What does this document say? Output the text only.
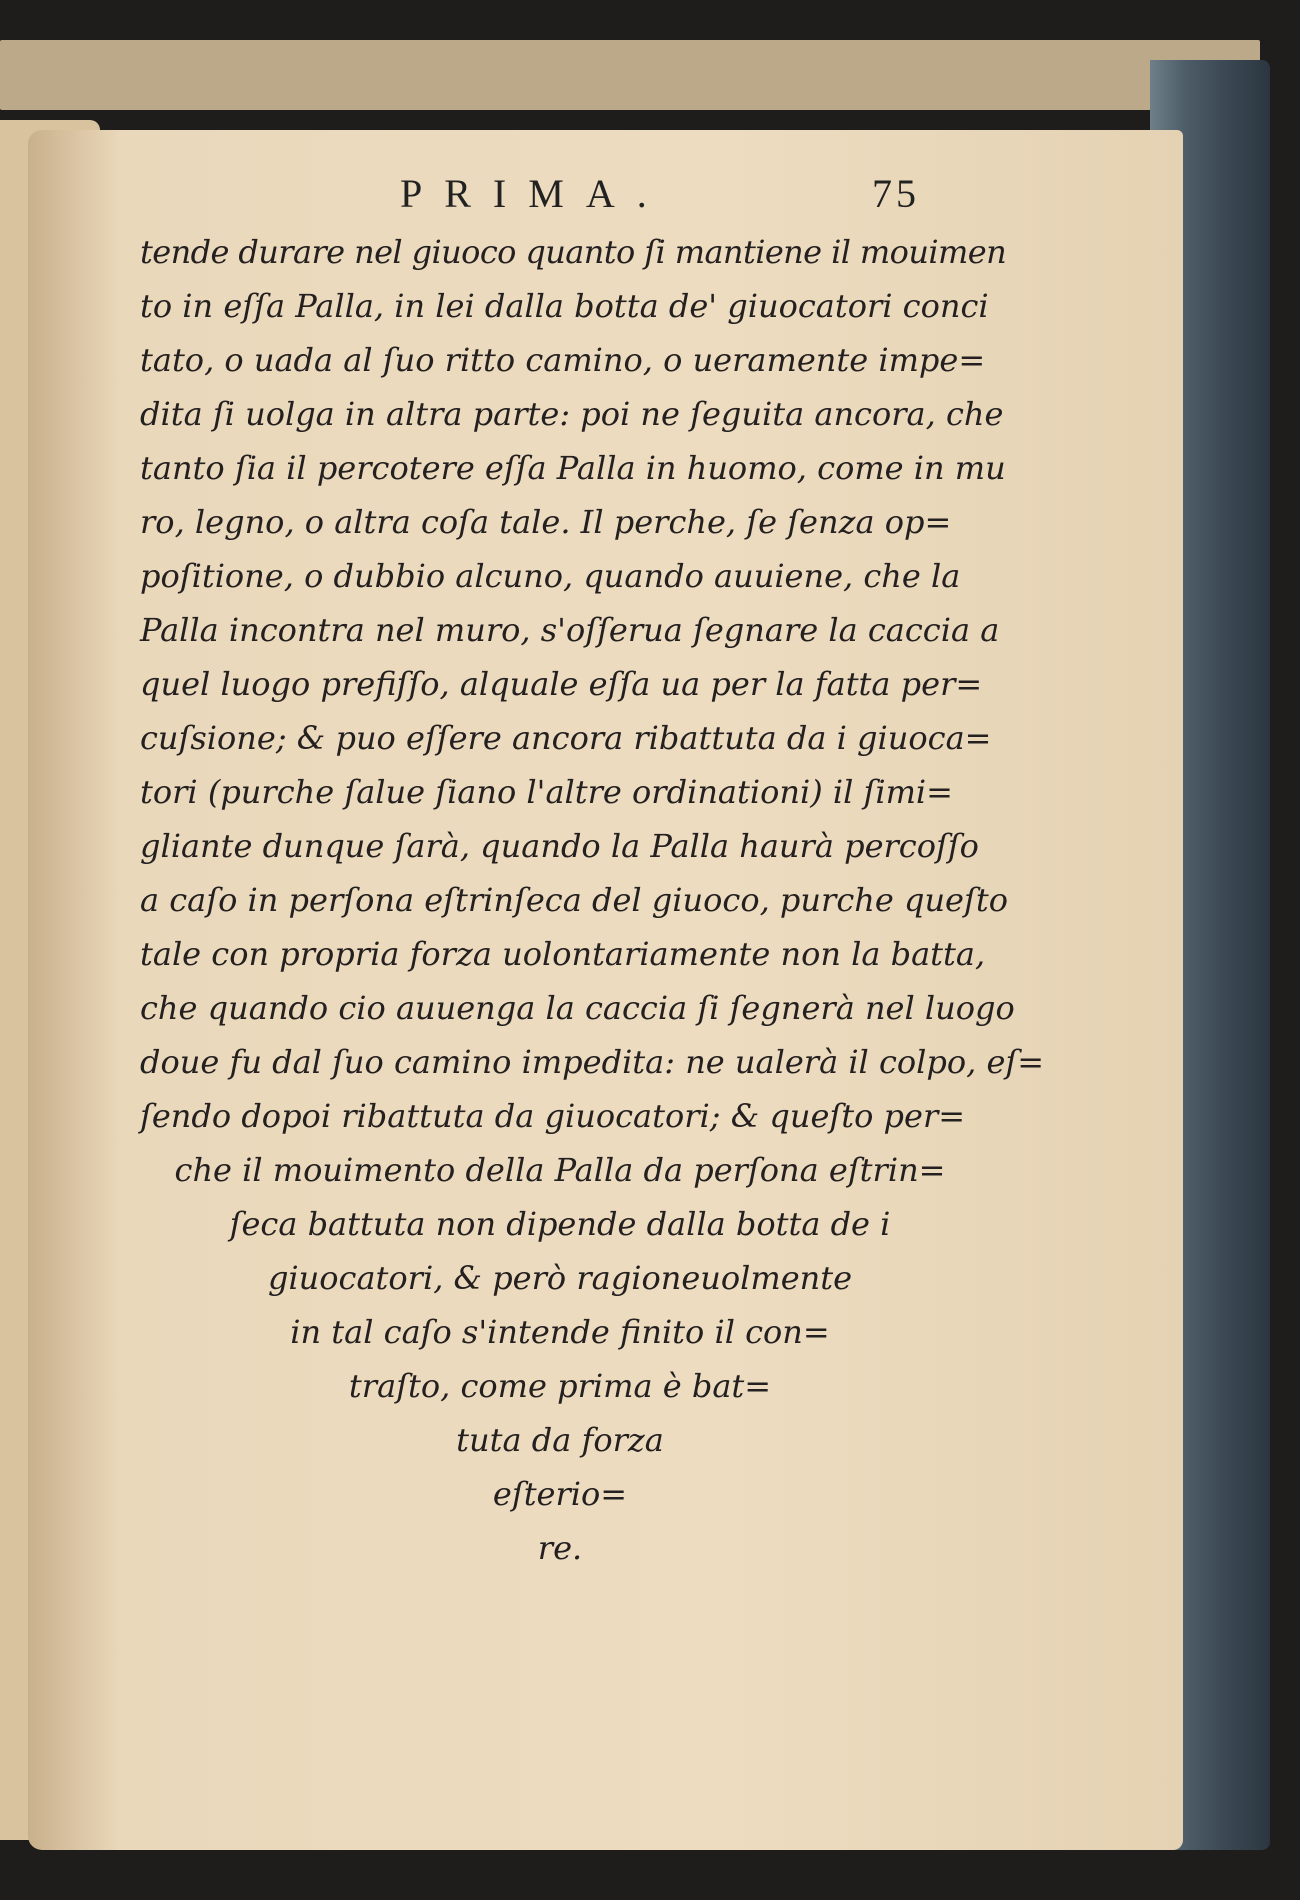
PRIMA.	75
tende durare nel giuoco quanto ſi mantiene il mouimen
to in eſſa Palla, in lei dalla botta de' giuocatori conci
tato, o uada al ſuo ritto camino, o ueramente impe=
dita ſi uolga in altra parte: poi ne ſeguita ancora, che
tanto ſia il percotere eſſa Palla in huomo, come in mu
ro, legno, o altra coſa tale. Il perche, ſe ſenza op=
poſitione, o dubbio alcuno, quando auuiene, che la
Palla incontra nel muro, s'oſſerua ſegnare la caccia a
quel luogo prefiſſo, alquale eſſa ua per la fatta per=
cuſsione; & puo eſſere ancora ribattuta da i giuoca=
tori (purche ſalue ſiano l'altre ordinationi) il ſimi=
gliante dunque ſarà, quando la Palla haurà percoſſo
a caſo in perſona eſtrinſeca del giuoco, purche queſto
tale con propria forza uolontariamente non la batta,
che quando cio auuenga la caccia ſi ſegnerà nel luogo
doue fu dal ſuo camino impedita: ne ualerà il colpo, eſ=
ſendo dopoi ribattuta da giuocatori; & queſto per=
che il mouimento della Palla da perſona eſtrin=
ſeca battuta non dipende dalla botta de i
giuocatori, & però ragioneuolmente
in tal caſo s'intende finito il con=
traſto, come prima è bat=
tuta da forza
eſterio=
re.
